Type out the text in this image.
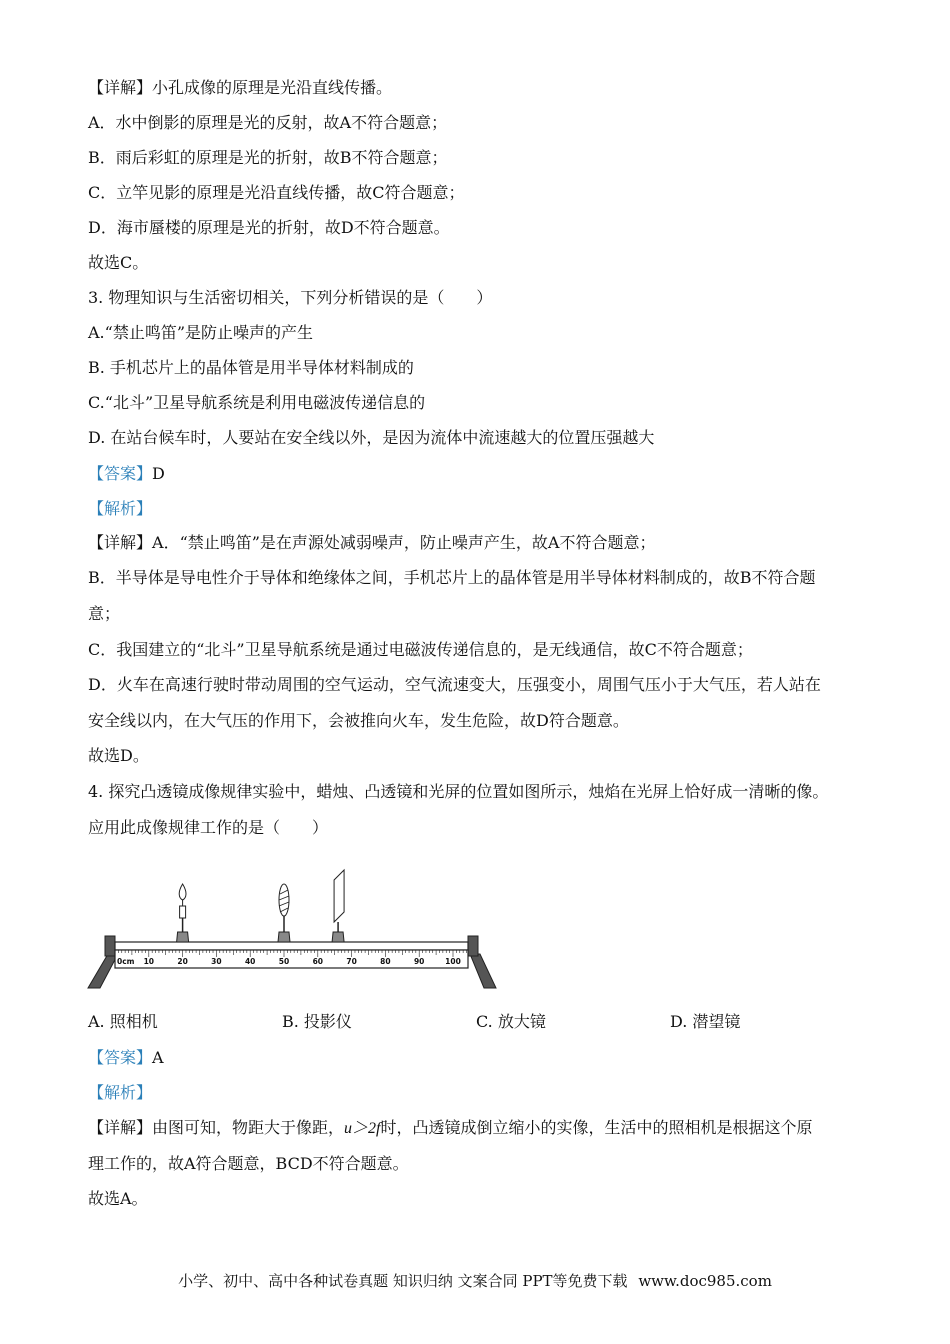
【详解】小孔成像的原理是光沿直线传播。
A．水中倒影的原理是光的反射，故A不符合题意；
B．雨后彩虹的原理是光的折射，故B不符合题意；
C．立竿见影的原理是光沿直线传播，故C符合题意；
D．海市蜃楼的原理是光的折射，故D不符合题意。
故选C。
3. 物理知识与生活密切相关，下列分析错误的是（　　）
A.“禁止鸣笛”是防止噪声的产生
B. 手机芯片上的晶体管是用半导体材料制成的
C.“北斗”卫星导航系统是利用电磁波传递信息的
D. 在站台候车时，人要站在安全线以外，是因为流体中流速越大的位置压强越大
【答案】D
【解析】
【详解】A．“禁止鸣笛”是在声源处减弱噪声，防止噪声产生，故A不符合题意；
B．半导体是导电性介于导体和绝缘体之间，手机芯片上的晶体管是用半导体材料制成的，故B不符合题
意；
C．我国建立的“北斗”卫星导航系统是通过电磁波传递信息的，是无线通信，故C不符合题意；
D．火车在高速行驶时带动周围的空气运动，空气流速变大，压强变小，周围气压小于大气压，若人站在
安全线以内，在大气压的作用下，会被推向火车，发生危险，故D符合题意。
故选D。
4. 探究凸透镜成像规律实验中，蜡烛、凸透镜和光屏的位置如图所示，烛焰在光屏上恰好成一清晰的像。
应用此成像规律工作的是（　　）
0cm 10	20	30	40	50	60	70	80	90	100
A. 照相机	B. 投影仪	C. 放大镜	D. 潜望镜
【答案】A
【解析】
【详解】由图可知，物距大于像距，u＞2f时，凸透镜成倒立缩小的实像，生活中的照相机是根据这个原
理工作的，故A符合题意，BCD不符合题意。
故选A。
小学、初中、高中各种试卷真题 知识归纳 文案合同 PPT等免费下载 www.doc985.com
